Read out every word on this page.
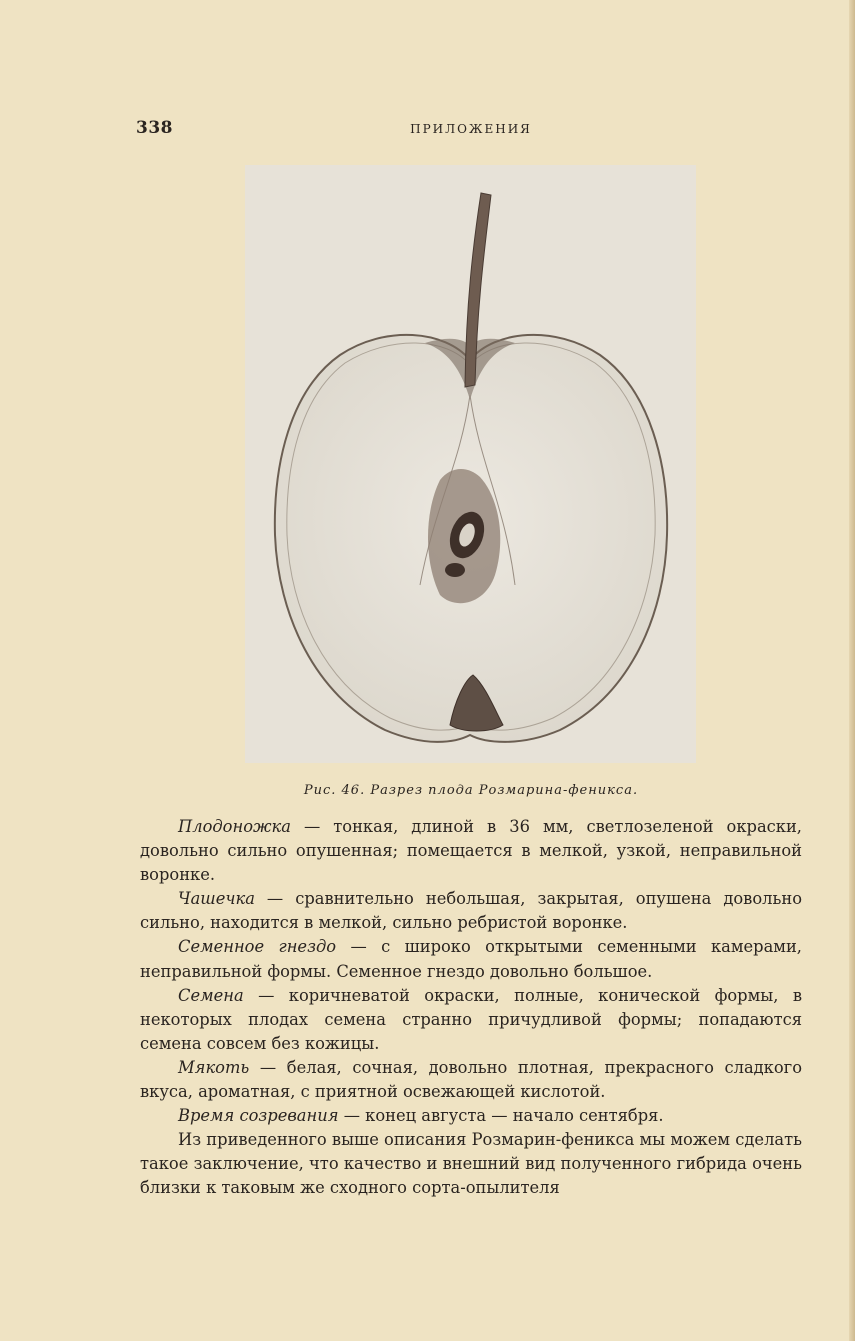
338	ПРИЛОЖЕНИЯ
Рис. 46. Разрез плода Розмарина-феникса.

Плодоножка — тонкая, длиной в 36 мм, светлозеленой окраски, довольно сильно опушенная; помещается в мелкой, узкой, неправильной воронке.

Чашечка — сравнительно небольшая, закрытая, опушена довольно сильно, находится в мелкой, сильно ребристой воронке.

Семенное гнездо — с широко открытыми семенными камерами, неправильной формы. Семенное гнездо довольно большое.

Семена — коричневатой окраски, полные, конической формы, в некоторых плодах семена странно причудливой формы; попадаются семена совсем без кожицы.

Мякоть — белая, сочная, довольно плотная, прекрасного сладкого вкуса, ароматная, с приятной освежающей кислотой.

Время созревания — конец августа — начало сентября.

Из приведенного выше описания Розмарин-феникса мы можем сделать такое заключение, что качество и внешний вид полученного гибрида очень близки к таковым же сходного сорта-опылителя
